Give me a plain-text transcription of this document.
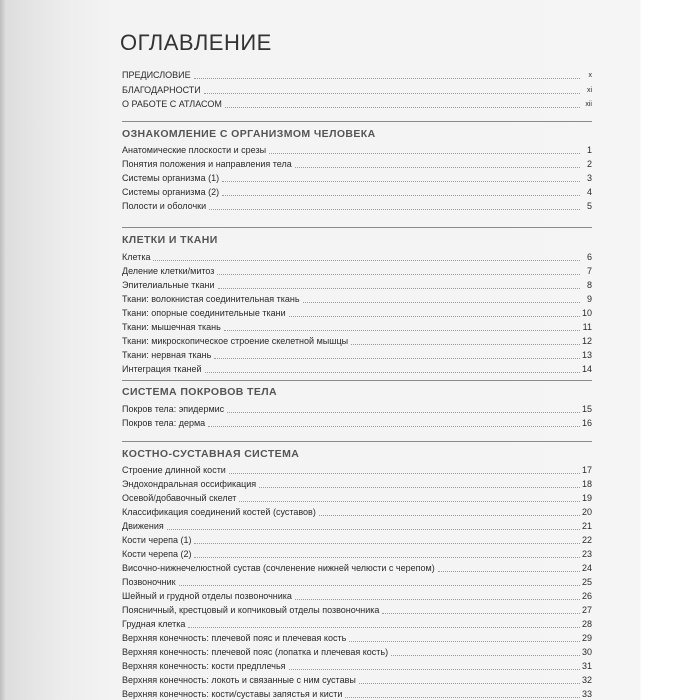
ОГЛАВЛЕНИЕ
ПРЕДИСЛОВИЕ	x
БЛАГОДАРНОСТИ	xi
О РАБОТЕ С АТЛАСОМ	xii
ОЗНАКОМЛЕНИЕ С ОРГАНИЗМОМ ЧЕЛОВЕКА
Анатомические плоскости и срезы	1
Понятия положения и направления тела	2
Системы организма (1)	3
Системы организма (2)	4
Полости и оболочки	5
КЛЕТКИ И ТКАНИ
Клетка	6
Деление клетки/митоз	7
Эпителиальные ткани	8
Ткани: волокнистая соединительная ткань	9
Ткани: опорные соединительные ткани	10
Ткани: мышечная ткань	11
Ткани: микроскопическое строение скелетной мышцы	12
Ткани: нервная ткань	13
Интеграция тканей	14
СИСТЕМА ПОКРОВОВ ТЕЛА
Покров тела: эпидермис	15
Покров тела: дерма	16
КОСТНО-СУСТАВНАЯ СИСТЕМА
Строение длинной кости	17
Эндохондральная оссификация	18
Осевой/добавочный скелет	19
Классификация соединений костей (суставов)	20
Движения	21
Кости черепа (1)	22
Кости черепа (2)	23
Височно-нижнечелюстной сустав (сочленение нижней челюсти с черепом)	24
Позвоночник	25
Шейный и грудной отделы позвоночника	26
Поясничный, крестцовый и копчиковый отделы позвоночника	27
Грудная клетка	28
Верхняя конечность: плечевой пояс и плечевая кость	29
Верхняя конечность: плечевой пояс (лопатка и плечевая кость)	30
Верхняя конечность: кости предплечья	31
Верхняя конечность: локоть и связанные с ним суставы	32
Верхняя конечность: кости/суставы запястья и кисти	33
